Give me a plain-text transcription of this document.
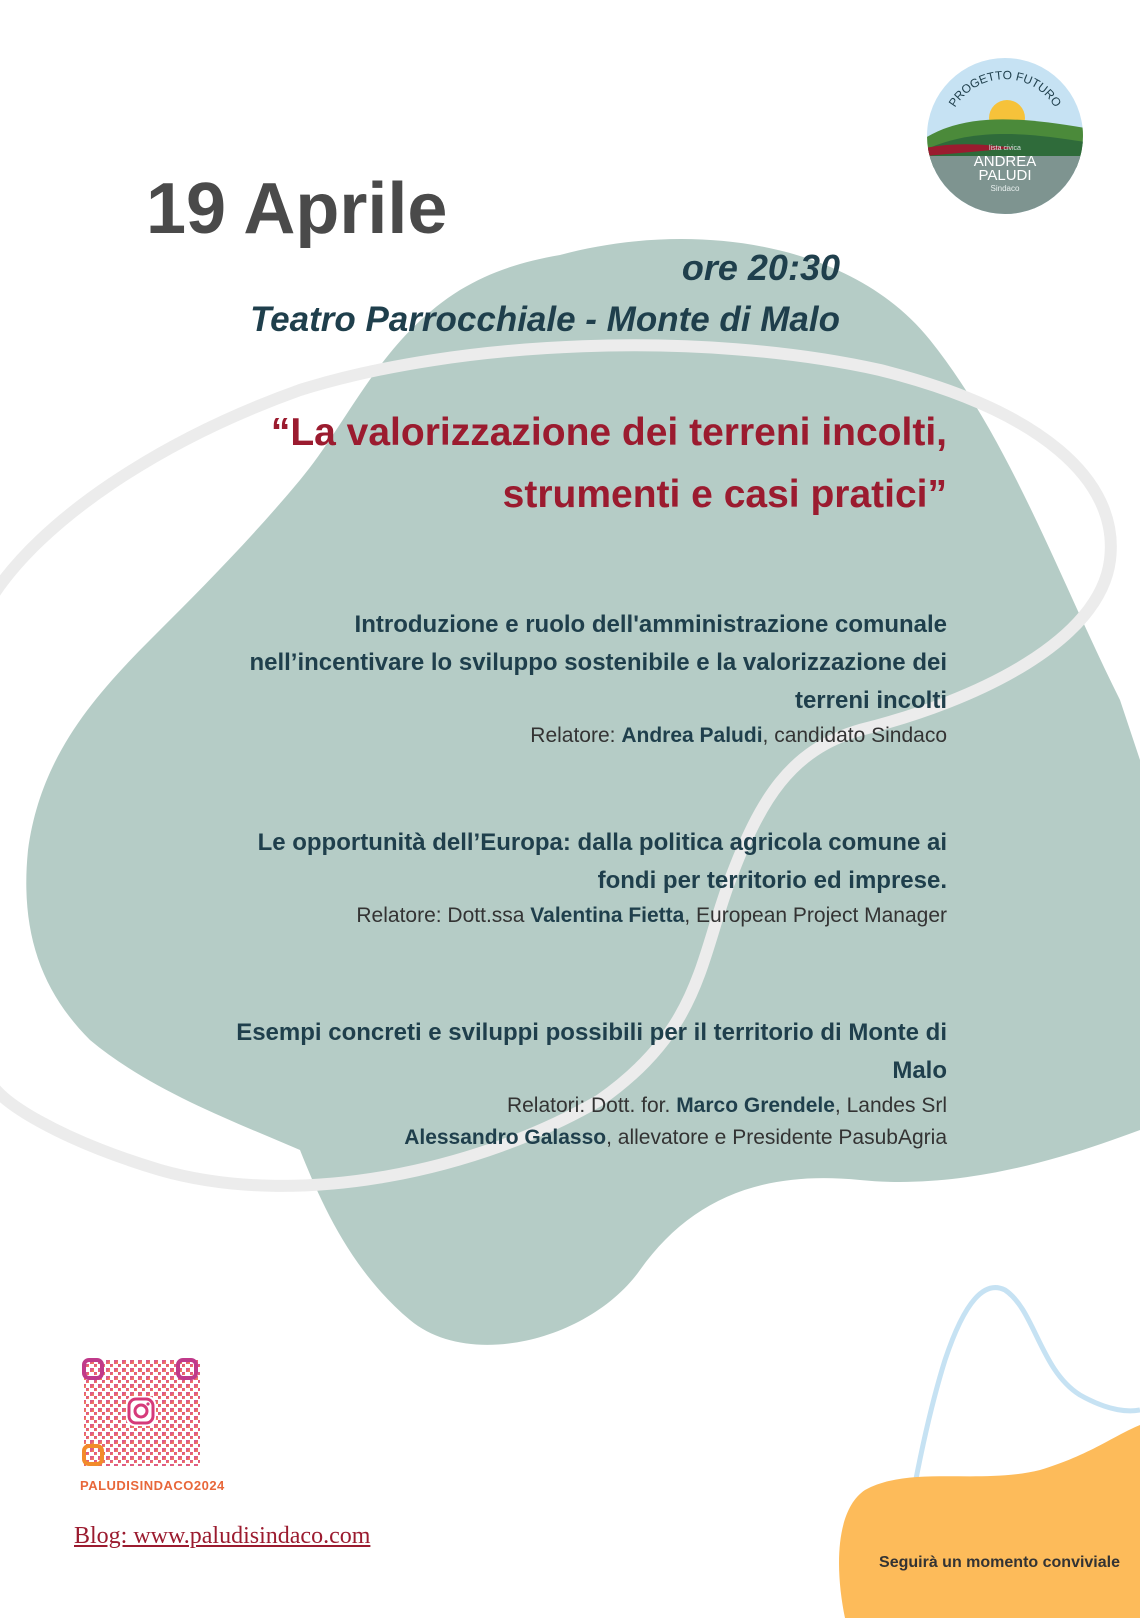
PROGETTO FUTURO
lista civica
ANDREA
PALUDI
Sindaco
19 Aprile
ore 20:30
Teatro Parrocchiale - Monte di Malo
“La valorizzazione dei terreni incolti,
strumenti e casi pratici”
Introduzione e ruolo dell'amministrazione comunale
nell’incentivare lo sviluppo sostenibile e la valorizzazione dei
terreni incolti
Relatore: Andrea Paludi, candidato Sindaco
Le opportunità dell’Europa: dalla politica agricola comune ai
fondi per territorio ed imprese.
Relatore: Dott.ssa Valentina Fietta, European Project Manager
Esempi concreti e sviluppi possibili per il territorio di Monte di
Malo
Relatori: Dott. for. Marco Grendele, Landes Srl
Alessandro Galasso, allevatore e Presidente PasubAgria
PALUDISINDACO2024
Blog: www.paludisindaco.com
Seguirà un momento conviviale
